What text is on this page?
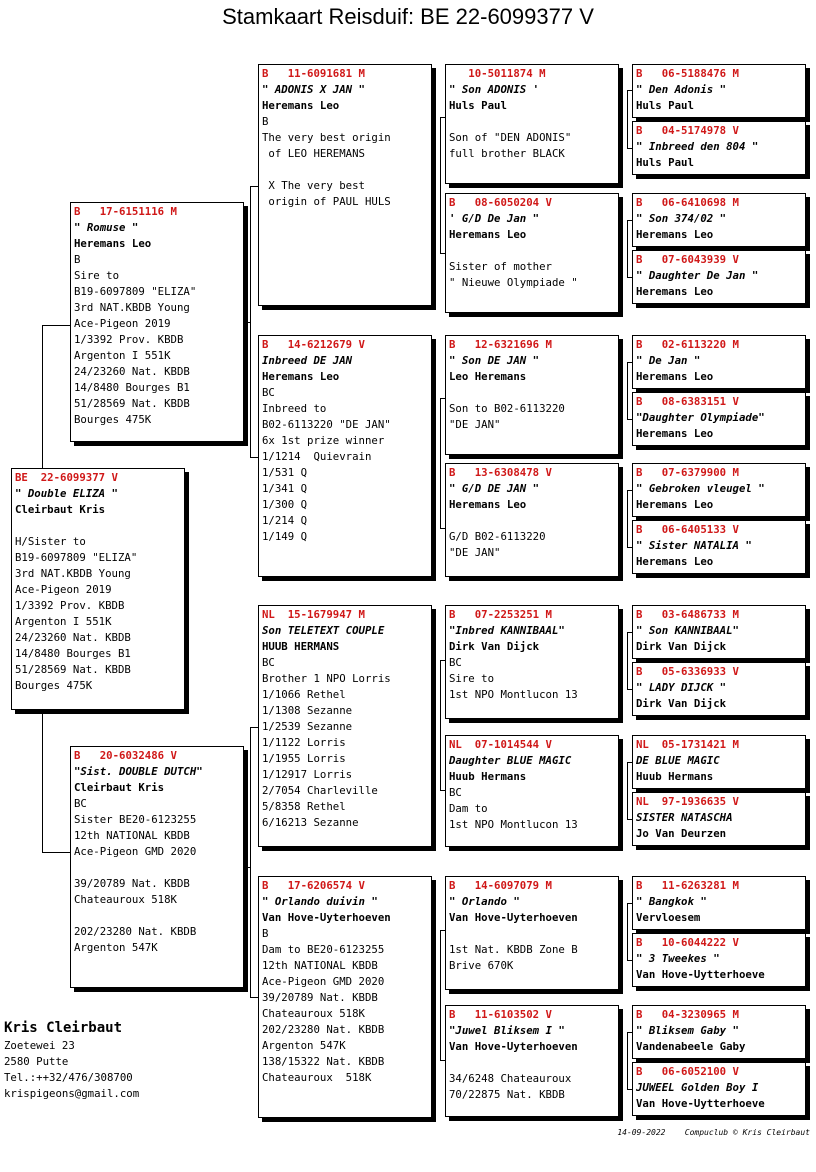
Stamkaart Reisduif: BE 22-6099377 V
BE  22-6099377 V
" Double ELIZA "
Cleirbaut Kris
H/Sister to
B19-6097809 "ELIZA"
3rd NAT.KBDB Young
Ace-Pigeon 2019
1/3392 Prov. KBDB
Argenton I 551K
24/23260 Nat. KBDB
14/8480 Bourges B1
51/28569 Nat. KBDB
Bourges 475K
B   17-6151116 M
" Romuse "
Heremans Leo
B
Sire to
B19-6097809 "ELIZA"
3rd NAT.KBDB Young
Ace-Pigeon 2019
1/3392 Prov. KBDB
Argenton I 551K
24/23260 Nat. KBDB
14/8480 Bourges B1
51/28569 Nat. KBDB
Bourges 475K
B   20-6032486 V
"Sist. DOUBLE DUTCH"
Cleirbaut Kris
BC
Sister BE20-6123255
12th NATIONAL KBDB
Ace-Pigeon GMD 2020
39/20789 Nat. KBDB
Chateauroux 518K
202/23280 Nat. KBDB
Argenton 547K
B   11-6091681 M
" ADONIS X JAN "
Heremans Leo
B
The very best origin
of LEO HEREMANS
X The very best
origin of PAUL HULS
B   14-6212679 V
Inbreed DE JAN
Heremans Leo
BC
Inbreed to
B02-6113220 "DE JAN"
6x 1st prize winner
1/1214  Quievrain
1/531 Q
1/341 Q
1/300 Q
1/214 Q
1/149 Q
NL  15-1679947 M
Son TELETEXT COUPLE
HUUB HERMANS
BC
Brother 1 NPO Lorris
1/1066 Rethel
1/1308 Sezanne
1/2539 Sezanne
1/1122 Lorris
1/1955 Lorris
1/12917 Lorris
2/7054 Charleville
5/8358 Rethel
6/16213 Sezanne
B   17-6206574 V
" Orlando duivin "
Van Hove-Uyterhoeven
B
Dam to BE20-6123255
12th NATIONAL KBDB
Ace-Pigeon GMD 2020
39/20789 Nat. KBDB
Chateauroux 518K
202/23280 Nat. KBDB
Argenton 547K
138/15322 Nat. KBDB
Chateauroux  518K
10-5011874 M
" Son ADONIS '
Huls Paul
Son of "DEN ADONIS"
full brother BLACK
B   08-6050204 V
' G/D De Jan "
Heremans Leo
Sister of mother
" Nieuwe Olympiade "
B   12-6321696 M
" Son DE JAN "
Leo Heremans
Son to B02-6113220
"DE JAN"
B   13-6308478 V
" G/D DE JAN "
Heremans Leo
G/D B02-6113220
"DE JAN"
B   07-2253251 M
"Inbred KANNIBAAL"
Dirk Van Dijck
BC
Sire to
1st NPO Montlucon 13
NL  07-1014544 V
Daughter BLUE MAGIC
Huub Hermans
BC
Dam to
1st NPO Montlucon 13
B   14-6097079 M
" Orlando "
Van Hove-Uyterhoeven
1st Nat. KBDB Zone B
Brive 670K
B   11-6103502 V
"Juwel Bliksem I "
Van Hove-Uyterhoeven
34/6248 Chateauroux
70/22875 Nat. KBDB
B   06-5188476 M
" Den Adonis "
Huls Paul
B   04-5174978 V
" Inbreed den 804 "
Huls Paul
B   06-6410698 M
" Son 374/02 "
Heremans Leo
B   07-6043939 V
" Daughter De Jan "
Heremans Leo
B   02-6113220 M
" De Jan "
Heremans Leo
B   08-6383151 V
"Daughter Olympiade"
Heremans Leo
B   07-6379900 M
" Gebroken vleugel "
Heremans Leo
B   06-6405133 V
" Sister NATALIA "
Heremans Leo
B   03-6486733 M
" Son KANNIBAAL"
Dirk Van Dijck
B   05-6336933 V
" LADY DIJCK "
Dirk Van Dijck
NL  05-1731421 M
DE BLUE MAGIC
Huub Hermans
NL  97-1936635 V
SISTER NATASCHA
Jo Van Deurzen
B   11-6263281 M
" Bangkok "
Vervloesem
B   10-6044222 V
" 3 Tweekes "
Van Hove-Uytterhoeve
B   04-3230965 M
" Bliksem Gaby "
Vandenabeele Gaby
B   06-6052100 V
JUWEEL Golden Boy I
Van Hove-Uytterhoeve
Kris Cleirbaut
Zoetewei 23
2580 Putte
Tel.:++32/476/308700
krispigeons@gmail.com
14-09-2022 Compuclub © Kris Cleirbaut
